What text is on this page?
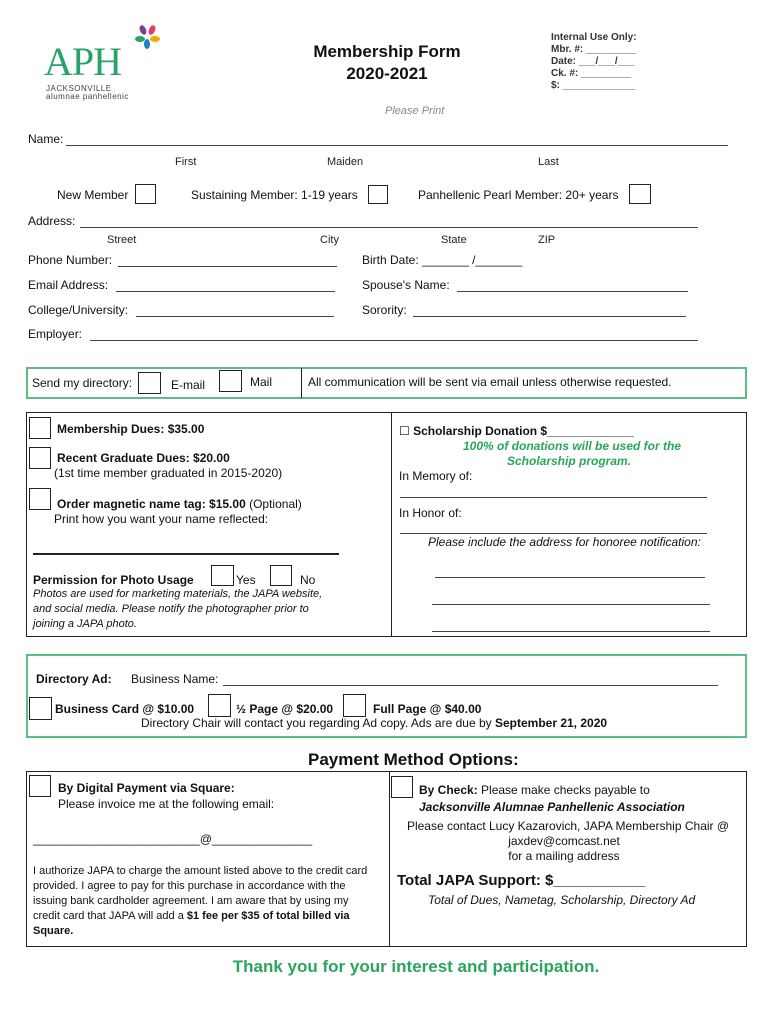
APH
JACKSONVILLE
alumnae panhellenic
Membership Form
2020-2021
Internal Use Only:
Mbr. #: _________
Date: ___/___/___
Ck. #: _________
$: _____________
Please Print
Name:
First	Maiden	Last
New Member	Sustaining Member: 1-19 years	Panhellenic Pearl Member: 20+ years
Address:
Street	City	State	ZIP
Phone Number:	Birth Date: _______ /_______
Email Address:	Spouse's Name:
College/University:	Sorority:
Employer:
Send my directory:	E-mail	Mail	All communication will be sent via email unless otherwise requested.
Membership Dues: $35.00
Recent Graduate Dues: $20.00
(1st time member graduated in 2015-2020)
Order magnetic name tag: $15.00 (Optional)
Print how you want your name reflected:
Permission for Photo Usage	Yes	No
Photos are used for marketing materials, the JAPA website,
and social media. Please notify the photographer prior to
joining a JAPA photo.
☐ Scholarship Donation $_____________
100% of donations will be used for the
Scholarship program.
In Memory of:
In Honor of:
Please include the address for honoree notification:
Directory Ad: Business Name:
Business Card @ $10.00	½ Page @ $20.00	Full Page @ $40.00
Directory Chair will contact you regarding Ad copy. Ads are due by September 21, 2020
Payment Method Options:
By Digital Payment via Square:
Please invoice me at the following email:
_________________________@_______________
I authorize JAPA to charge the amount listed above to the credit card
provided. I agree to pay for this purchase in accordance with the
issuing bank cardholder agreement. I am aware that by using my
credit card that JAPA will add a $1 fee per $35 of total billed via
Square.
By Check: Please make checks payable to
Jacksonville Alumnae Panhellenic Association
Please contact Lucy Kazarovich, JAPA Membership Chair @
jaxdev@comcast.net
for a mailing address
Total JAPA Support: $___________
Total of Dues, Nametag, Scholarship, Directory Ad
Thank you for your interest and participation.
